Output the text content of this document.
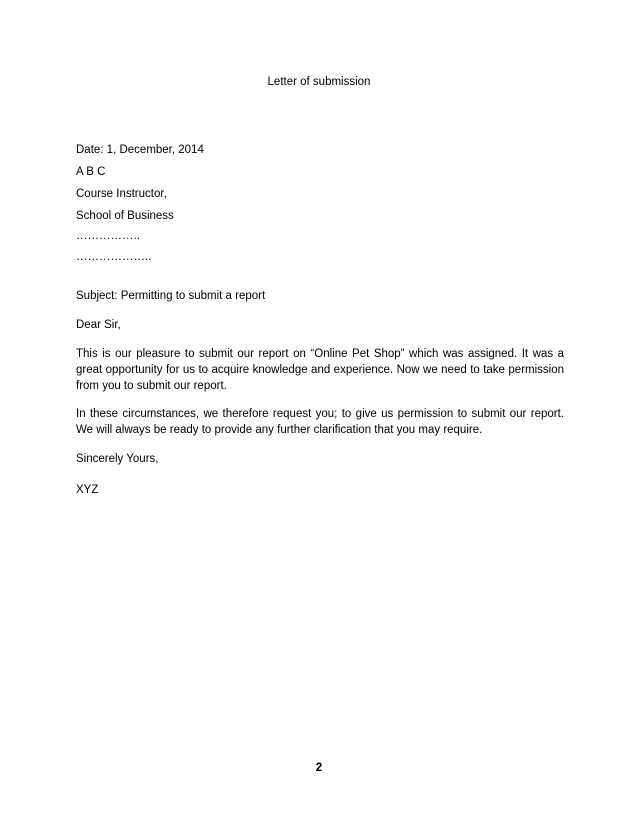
Letter of submission
Date: 1, December, 2014
A B C
Course Instructor,
School of Business
……………..
………………..
Subject: Permitting to submit a report
Dear Sir,
This is our pleasure to submit our report on “Online Pet Shop” which was assigned. It was a great opportunity for us to acquire knowledge and experience. Now we need to take permission from you to submit our report.
In these circumstances, we therefore request you; to give us permission to submit our report. We will always be ready to provide any further clarification that you may require.
Sincerely Yours,
XYZ
2
